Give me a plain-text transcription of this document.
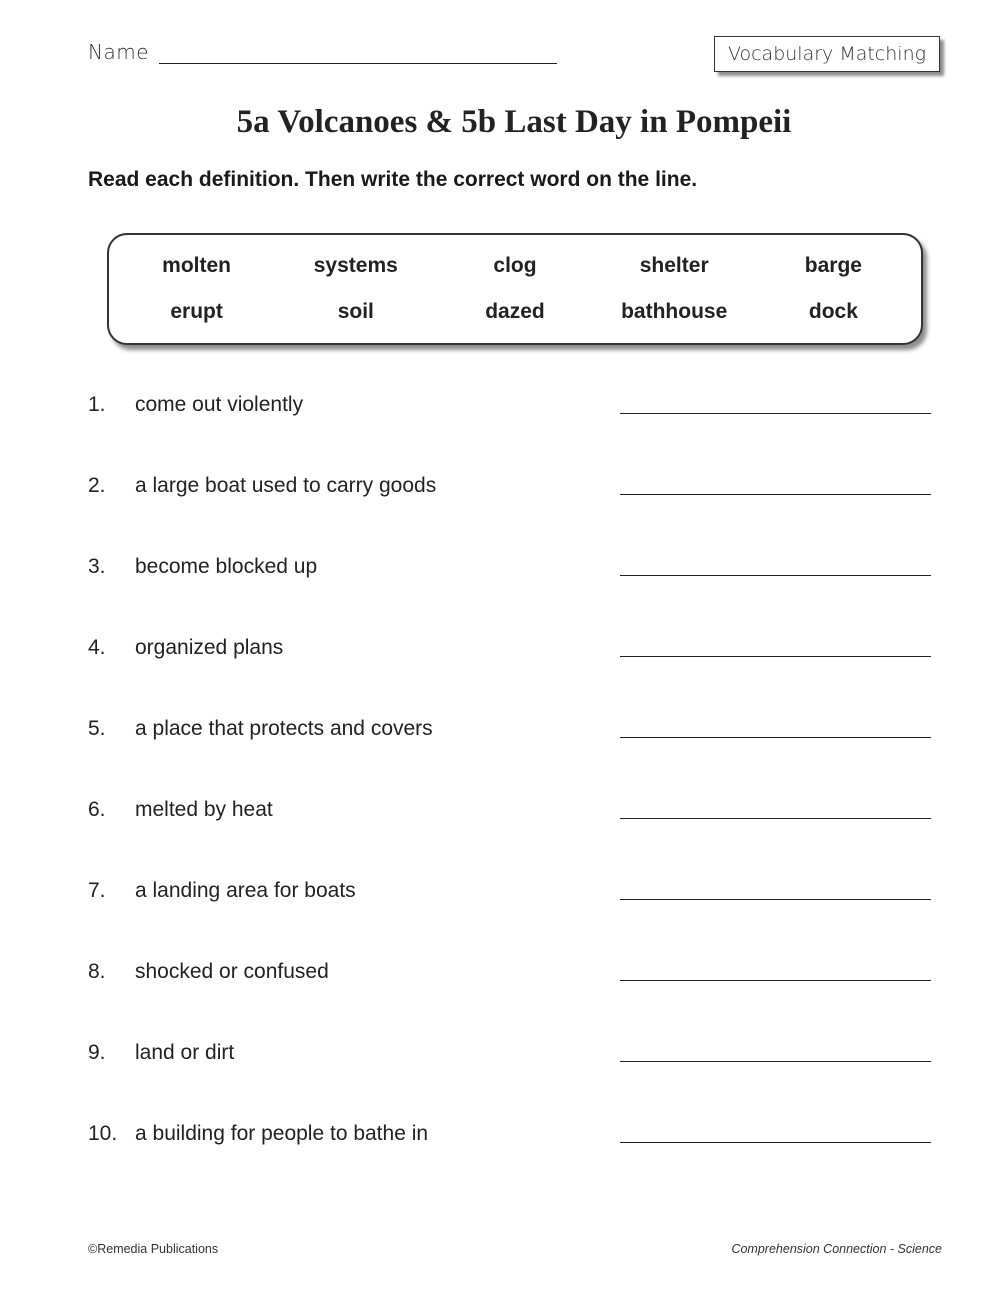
Name	Vocabulary Matching
5a Volcanoes & 5b Last Day in Pompeii
Read each definition. Then write the correct word on the line.
molten	systems	clog	shelter	barge
erupt	soil	dazed	bathhouse	dock
1. come out violently
2. a large boat used to carry goods
3. become blocked up
4. organized plans
5. a place that protects and covers
6. melted by heat
7. a landing area for boats
8. shocked or confused
9. land or dirt
10. a building for people to bathe in
©Remedia Publications	Comprehension Connection - Science
